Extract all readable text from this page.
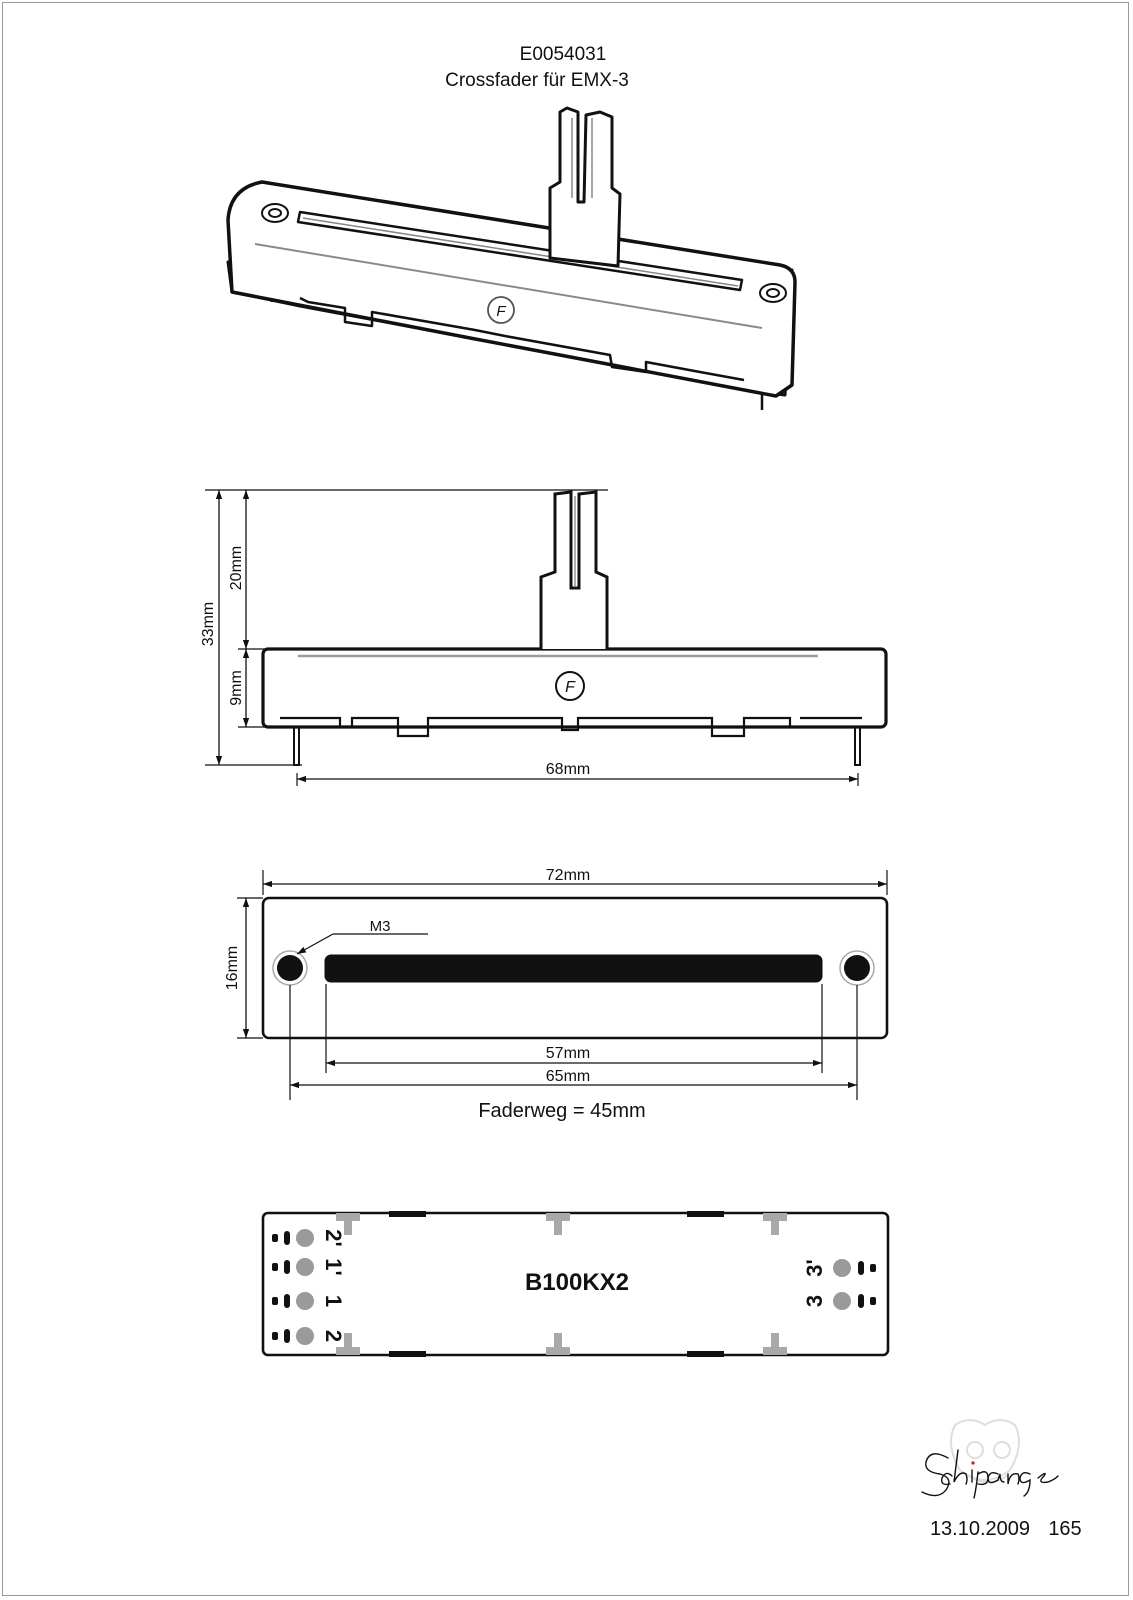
E0054031
Crossfader für EMX-3
F
F
33mm
20mm
9mm
68mm
72mm
16mm
M3
57mm
65mm
Faderweg = 45mm
2'
1'
1
2
3'
3
B100KX2
13.10.2009 165
